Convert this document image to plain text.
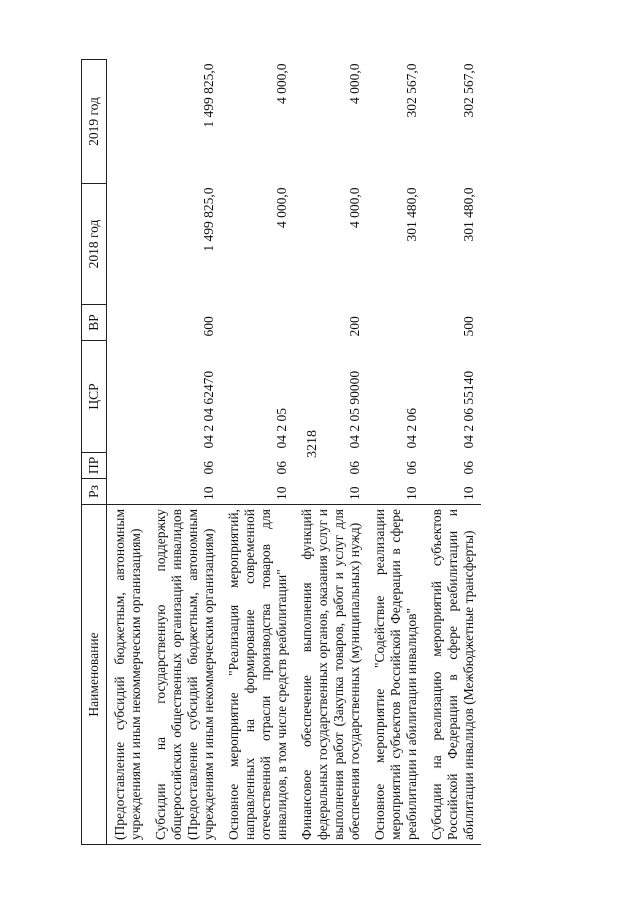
3218
Наименование	Рз	ПР	ЦСР	ВР	2018 год	2019 год
(Предоставление субсидий бюджетным, автономным учреждениям и иным некоммерческим организациям)						
Субсидии на государственную поддержку общероссийских общественных организаций инвалидов (Предоставление субсидий бюджетным, автономным учреждениям и иным некоммерческим организациям)	10	06	04 2 04 62470	600	1 499 825,0	1 499 825,0
Основное мероприятие "Реализация мероприятий, направленных на формирование современной отечественной отрасли производства товаров для инвалидов, в том числе средств реабилитации"	10	06	04 2 05		4 000,0	4 000,0
Финансовое обеспечение выполнения функций федеральных государственных органов, оказания услуг и выполнения работ (Закупка товаров, работ и услуг для обеспечения государственных (муниципальных) нужд)	10	06	04 2 05 90000	200	4 000,0	4 000,0
Основное мероприятие "Содействие реализации мероприятий субъектов Российской Федерации в сфере реабилитации и абилитации инвалидов"	10	06	04 2 06		301 480,0	302 567,0
Субсидии на реализацию мероприятий субъектов Российской Федерации в сфере реабилитации и абилитации инвалидов (Межбюджетные трансферты)	10	06	04 2 06 55140	500	301 480,0	302 567,0
